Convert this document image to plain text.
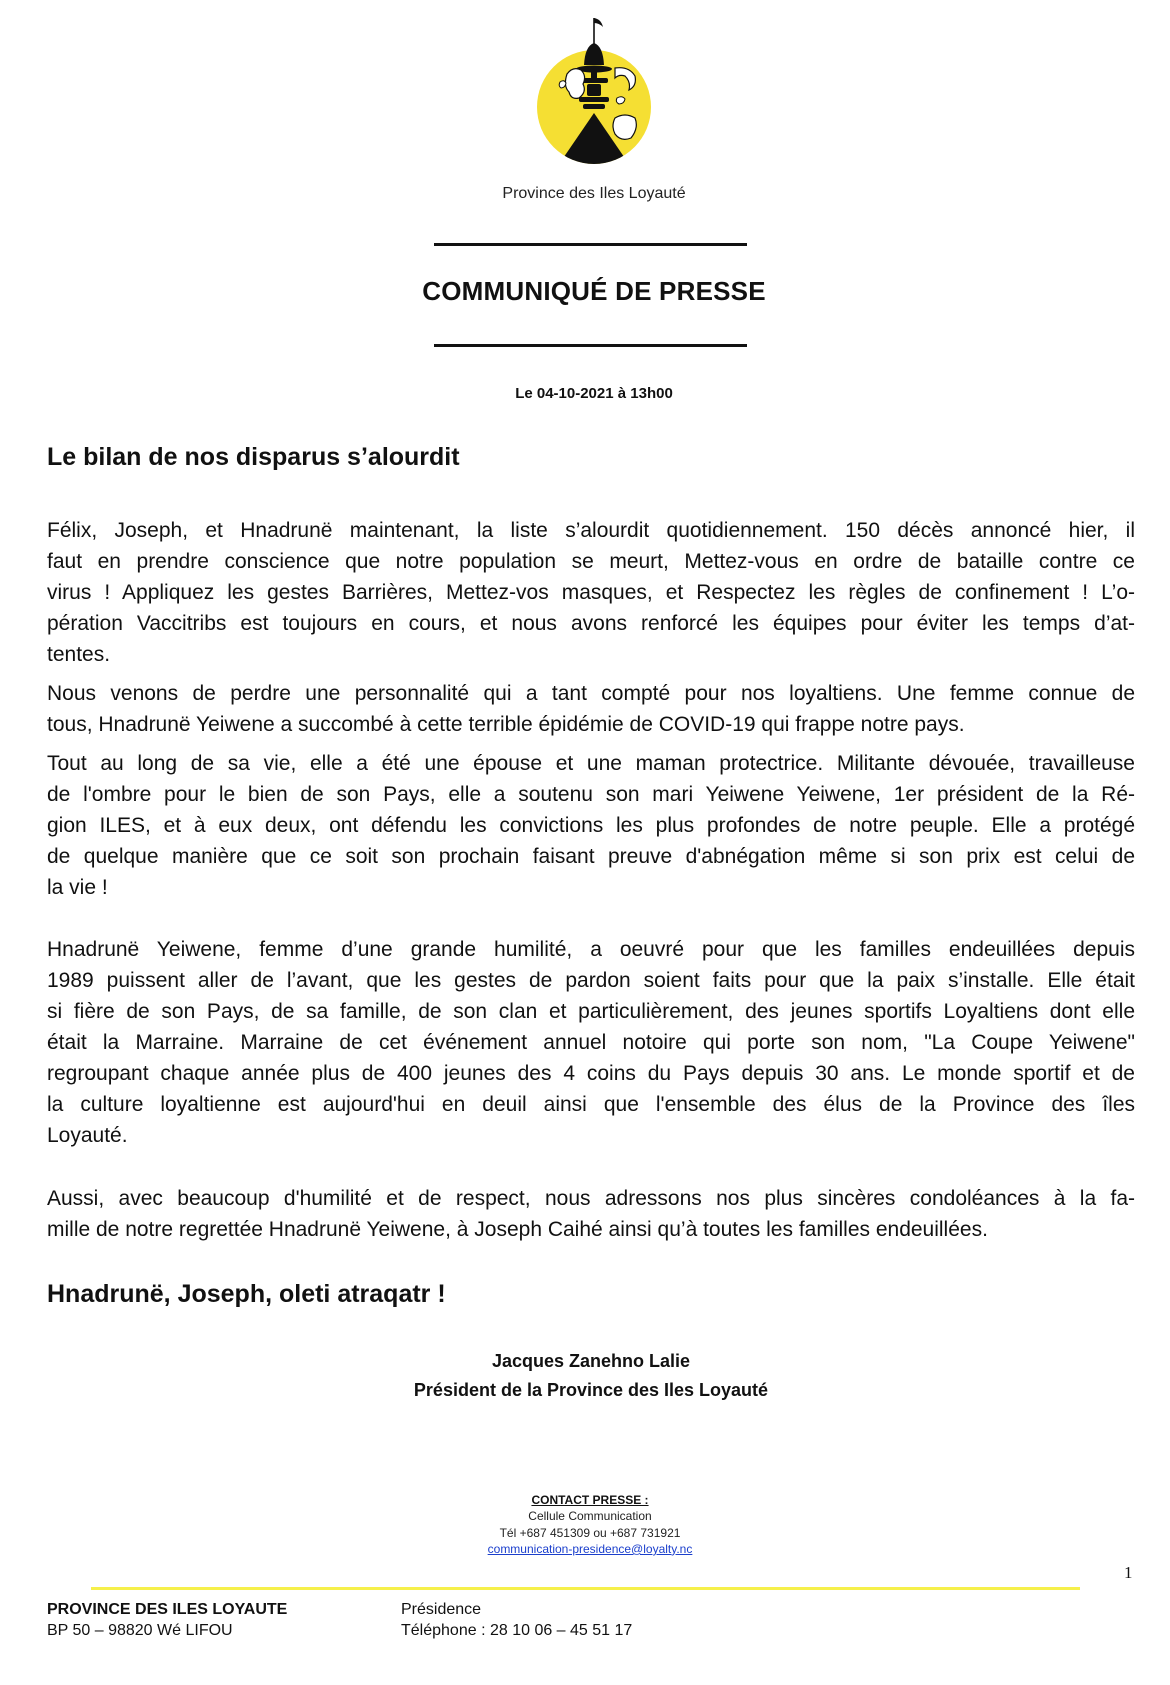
Province des Iles Loyauté
COMMUNIQUÉ DE PRESSE
Le 04-10-2021 à 13h00
Le bilan de nos disparus s’alourdit
Félix, Joseph, et Hnadrunë maintenant, la liste s’alourdit quotidiennement. 150 décès annoncé hier, il
faut en prendre conscience que notre population se meurt, Mettez-vous en ordre de bataille contre ce
virus ! Appliquez les gestes Barrières, Mettez-vos masques, et Respectez les règles de confinement ! L’o-
pération Vaccitribs est toujours en cours, et nous avons renforcé les équipes pour éviter les temps d’at-
tentes.
Nous venons de perdre une personnalité qui a tant compté pour nos loyaltiens. Une femme connue de
tous, Hnadrunë Yeiwene a succombé à cette terrible épidémie de COVID-19 qui frappe notre pays.
Tout au long de sa vie, elle a été une épouse et une maman protectrice. Militante dévouée, travailleuse
de l'ombre pour le bien de son Pays, elle a soutenu son mari Yeiwene Yeiwene, 1er président de la Ré-
gion ILES, et à eux deux, ont défendu les convictions les plus profondes de notre peuple. Elle a protégé
de quelque manière que ce soit son prochain faisant preuve d'abnégation même si son prix est celui de
la vie !
Hnadrunë Yeiwene, femme d’une grande humilité, a oeuvré pour que les familles endeuillées depuis
1989 puissent aller de l’avant, que les gestes de pardon soient faits pour que la paix s’installe. Elle était
si fière de son Pays, de sa famille, de son clan et particulièrement, des jeunes sportifs Loyaltiens dont elle
était la Marraine. Marraine de cet événement annuel notoire qui porte son nom, "La Coupe Yeiwene"
regroupant chaque année plus de 400 jeunes des 4 coins du Pays depuis 30 ans. Le monde sportif et de
la culture loyaltienne est aujourd'hui en deuil ainsi que l'ensemble des élus de la Province des îles
Loyauté.
Aussi, avec beaucoup d'humilité et de respect, nous adressons nos plus sincères condoléances à la fa-
mille de notre regrettée Hnadrunë Yeiwene, à Joseph Caihé ainsi qu’à toutes les familles endeuillées.
Hnadrunë, Joseph, oleti atraqatr !
Jacques Zanehno Lalie
Président de la Province des Iles Loyauté
CONTACT PRESSE :
Cellule Communication
Tél +687 451309 ou +687 731921
communication-presidence@loyalty.nc
1
PROVINCE DES ILES LOYAUTE
BP 50 – 98820 Wé LIFOU
Présidence
Téléphone : 28 10 06 – 45 51 17
